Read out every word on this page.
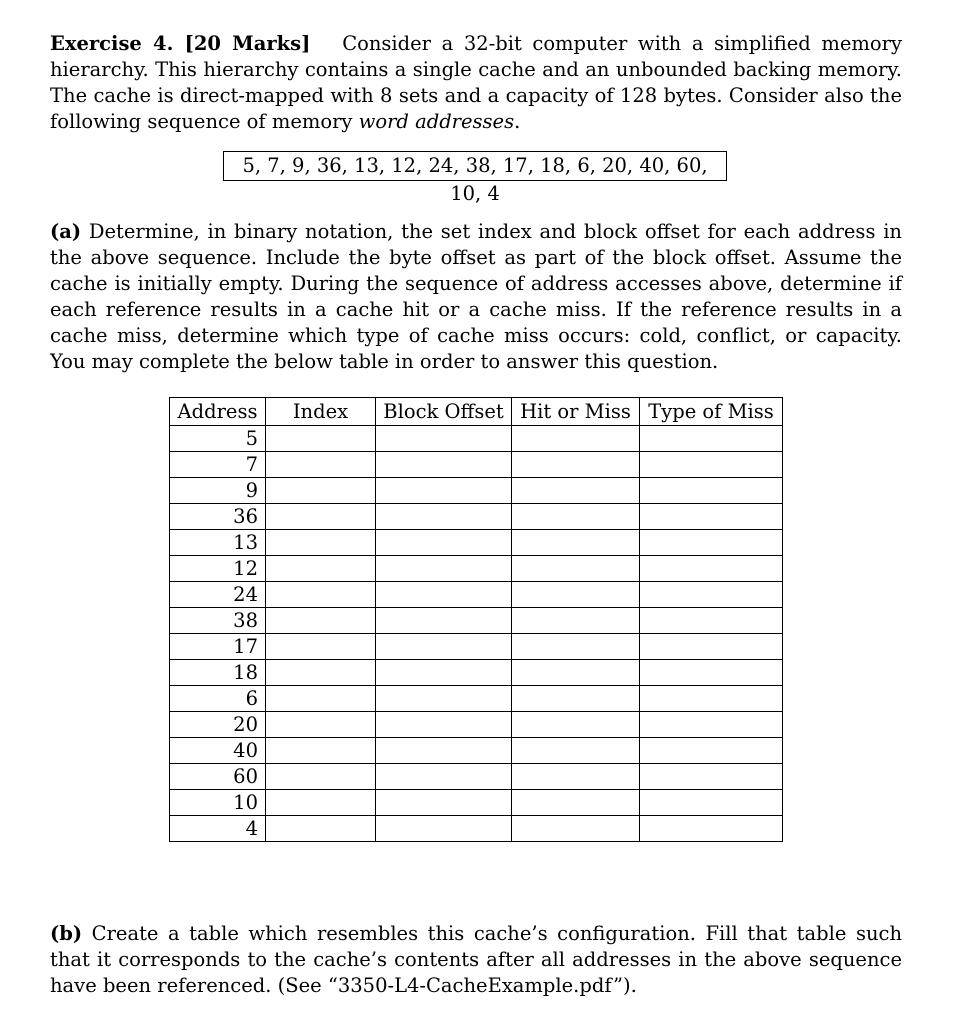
Exercise 4. [20 Marks] Consider a 32-bit computer with a simplified memory hierarchy. This hierarchy contains a single cache and an unbounded backing memory. The cache is direct-mapped with 8 sets and a capacity of 128 bytes. Consider also the following sequence of memory word addresses.

5, 7, 9, 36, 13, 12, 24, 38, 17, 18, 6, 20, 40, 60, 10, 4

(a) Determine, in binary notation, the set index and block offset for each address in the above sequence. Include the byte offset as part of the block offset. Assume the cache is initially empty. During the sequence of address accesses above, determine if each reference results in a cache hit or a cache miss. If the reference results in a cache miss, determine which type of cache miss occurs: cold, conflict, or capacity. You may complete the below table in order to answer this question.

Address	Index	Block Offset	Hit or Miss	Type of Miss
5				
7				
9				
36				
13				
12				
24				
38				
17				
18				
6				
20				
40				
60				
10				
4				

(b) Create a table which resembles this cache’s configuration. Fill that table such that it corresponds to the cache’s contents after all addresses in the above sequence have been referenced. (See “3350-L4-CacheExample.pdf”).
